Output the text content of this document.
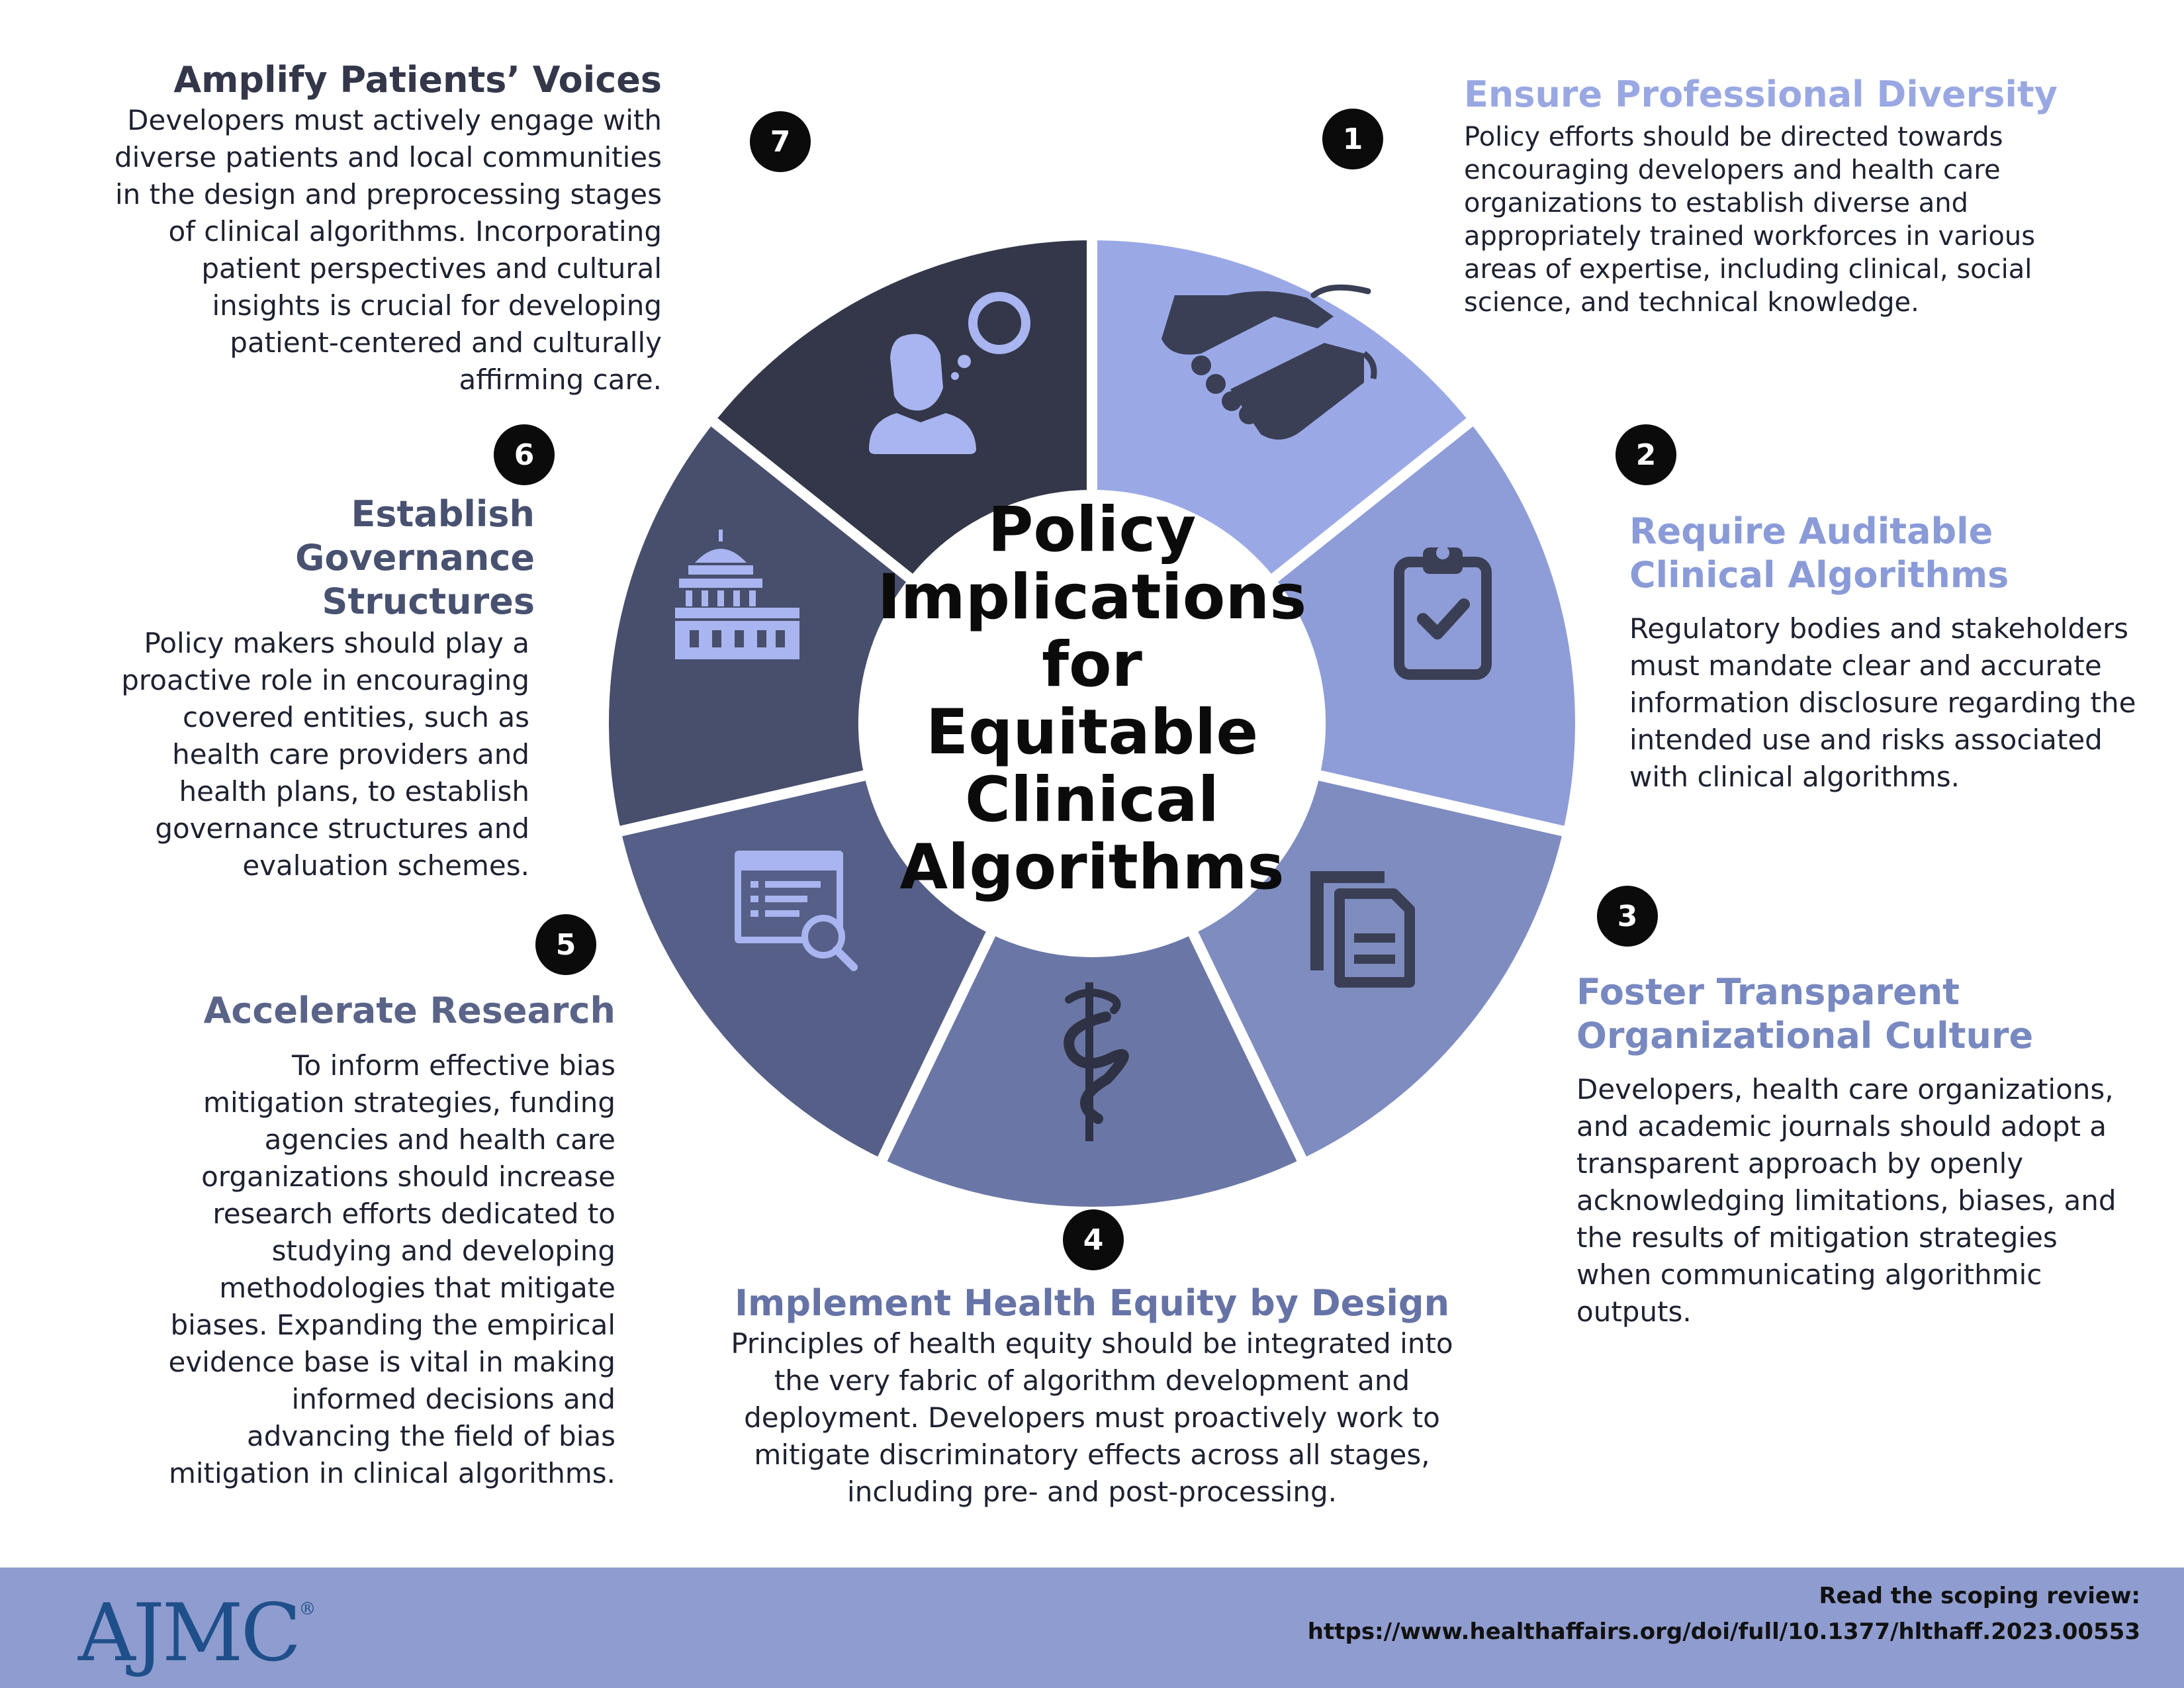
Policy Implications for Equitable Clinical Algorithms
1
2
3
4
5
6
7

Ensure Professional Diversity

Policy efforts should be directed towards encouraging developers and health care organizations to establish diverse and appropriately trained workforces in various areas of expertise, including clinical, social science, and technical knowledge.

Require Auditable
Clinical Algorithms

Regulatory bodies and stakeholders must mandate clear and accurate information disclosure regarding the intended use and risks associated with clinical algorithms.

Foster Transparent
Organizational Culture

Developers, health care organizations, and academic journals should adopt a transparent approach by openly acknowledging limitations, biases, and the results of mitigation strategies when communicating algorithmic outputs.

Implement Health Equity by Design

Principles of health equity should be integrated into the very fabric of algorithm development and deployment. Developers must proactively work to mitigate discriminatory effects across all stages, including pre- and post-processing.

Accelerate Research

To inform effective bias mitigation strategies, funding agencies and health care organizations should increase research efforts dedicated to studying and developing methodologies that mitigate biases. Expanding the empirical evidence base is vital in making informed decisions and advancing the field of bias mitigation in clinical algorithms.

Establish Governance
Structures

Policy makers should play a proactive role in encouraging covered entities, such as health care providers and health plans, to establish governance structures and evaluation schemes.

Amplify Patients’ Voices

Developers must actively engage with diverse patients and local communities in the design and preprocessing stages of clinical algorithms. Incorporating patient perspectives and cultural insights is crucial for developing patient-centered and culturally affirming care.

AJMC®	Read the scoping review:
https://www.healthaffairs.org/doi/full/10.1377/hlthaff.2023.00553
